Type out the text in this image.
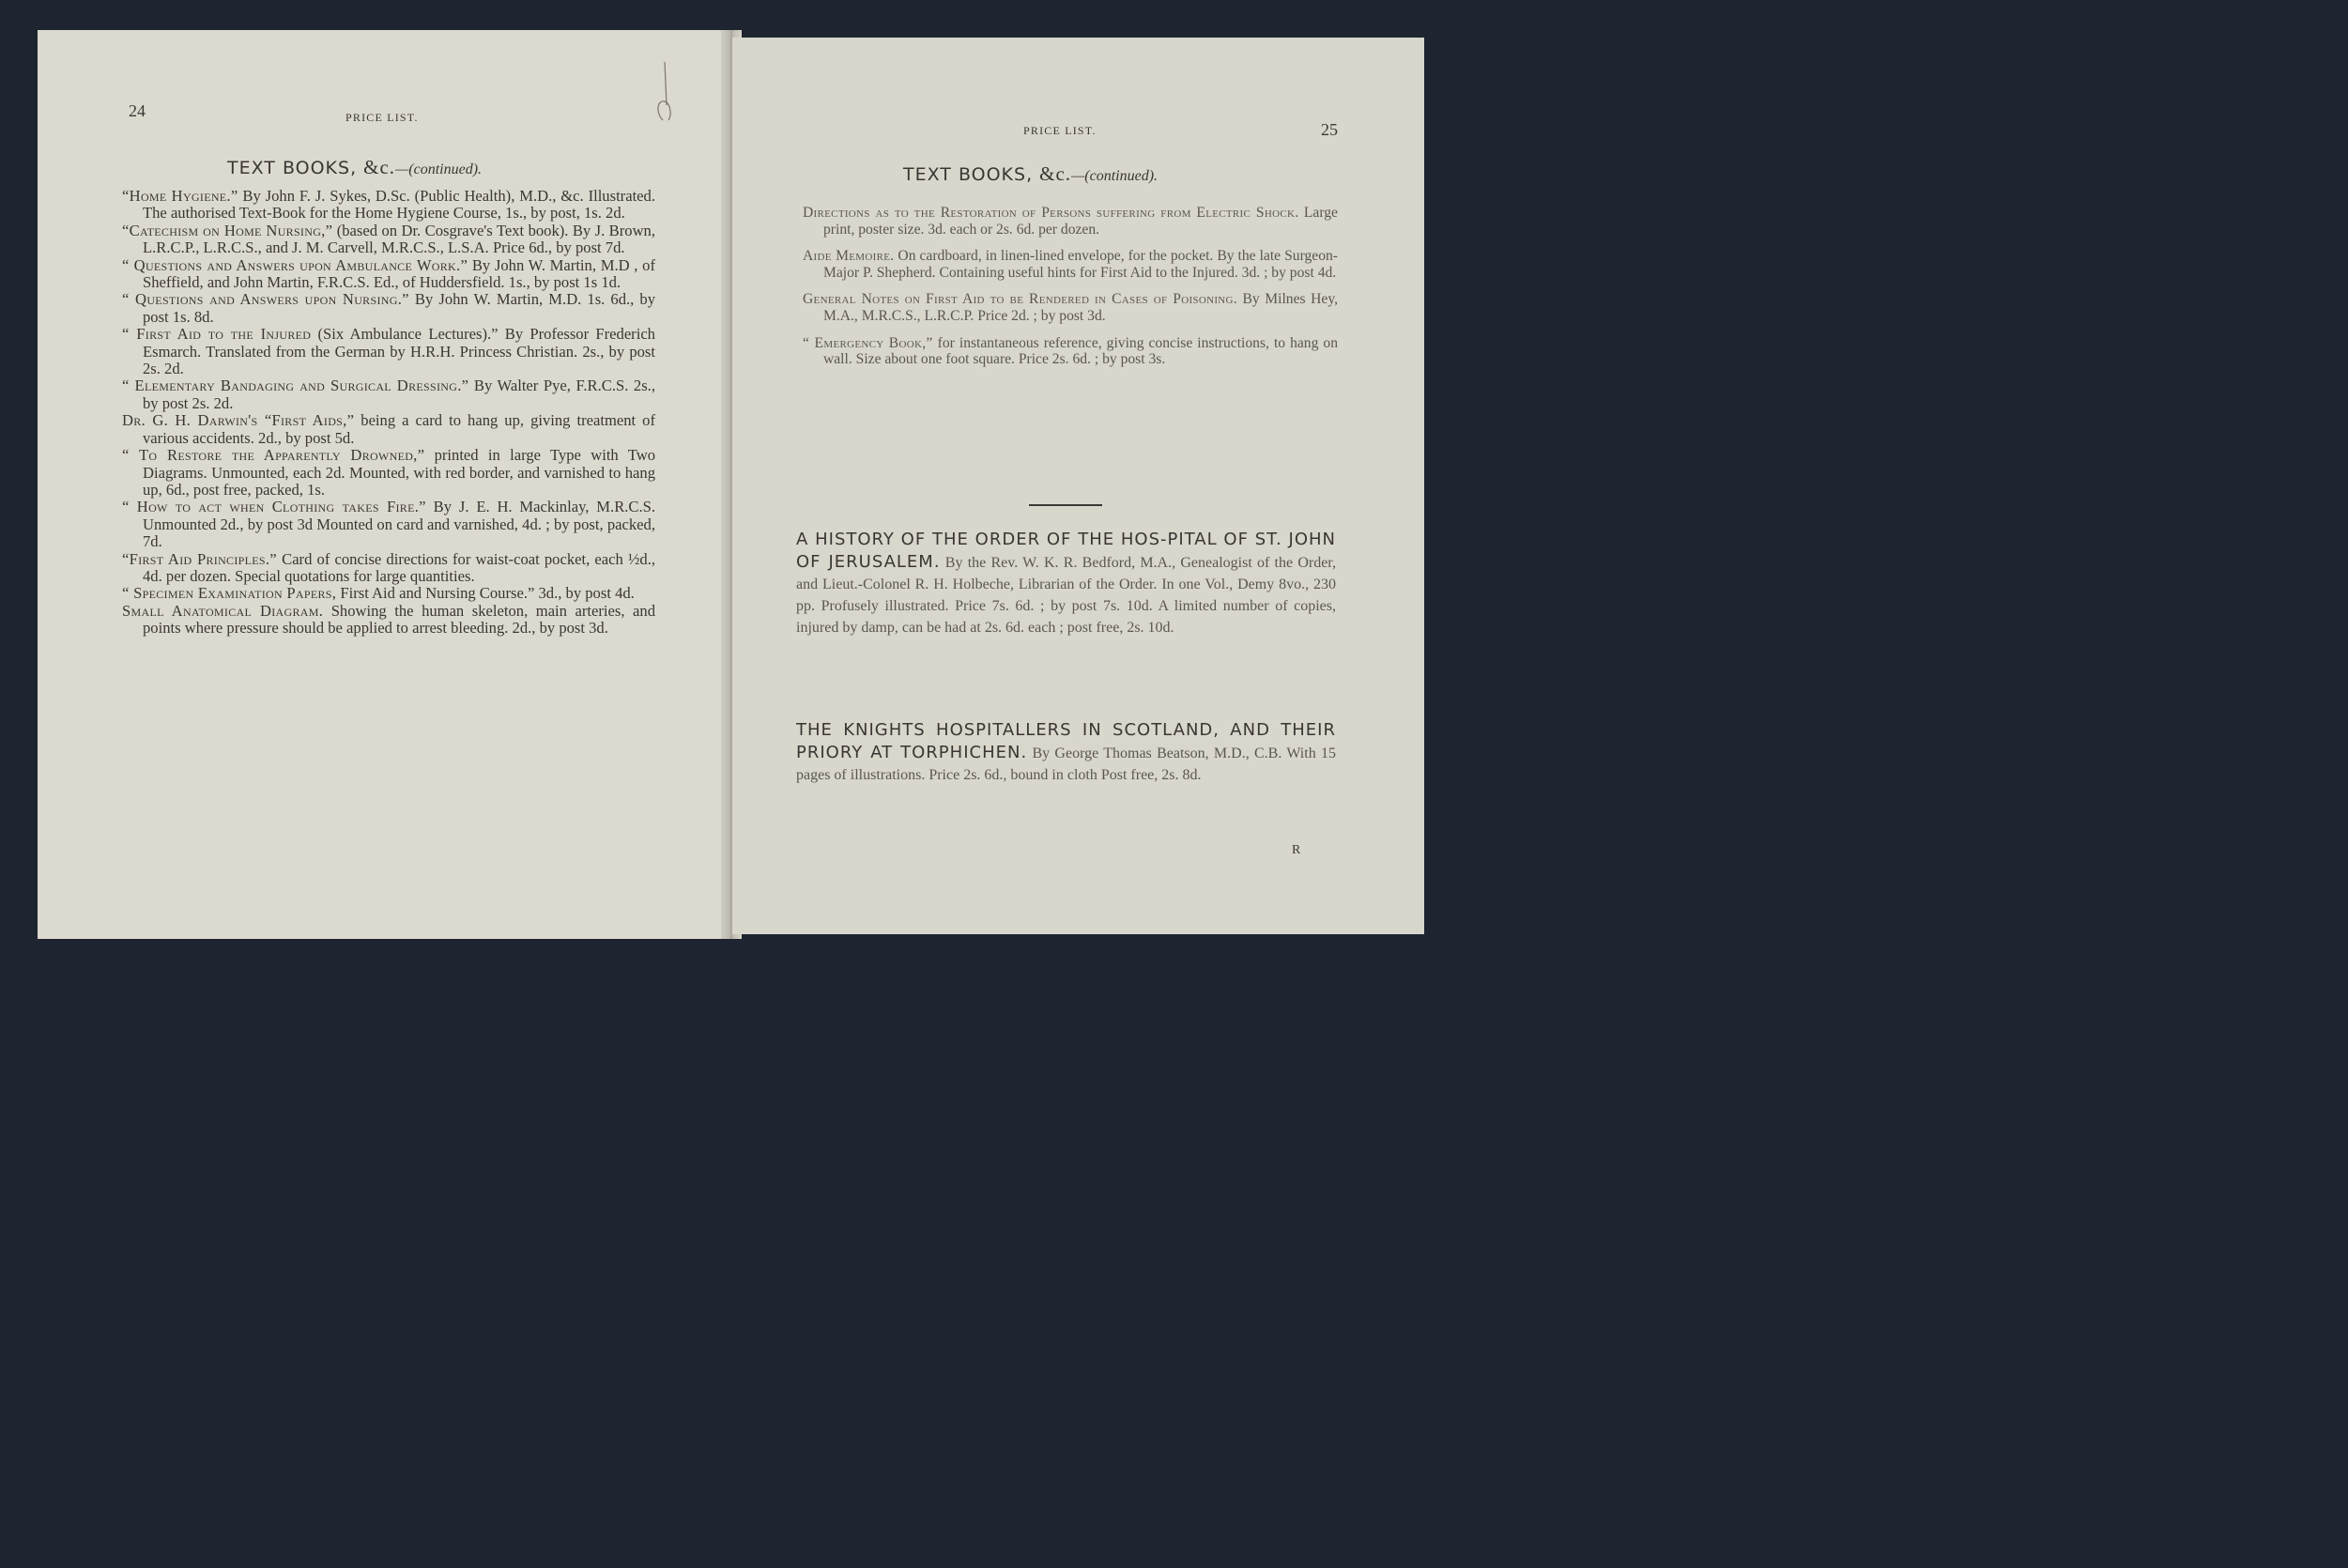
24	PRICE LIST.
TEXT BOOKS, &c.—(continued).
“Home Hygiene.” By John F. J. Sykes, D.Sc. (Public Health), M.D., &c. Illustrated. The authorised Text-Book for the Home Hygiene Course, 1s., by post, 1s. 2d.
“Catechism on Home Nursing,” (based on Dr. Cosgrave's Text book). By J. Brown, L.R.C.P., L.R.C.S., and J. M. Carvell, M.R.C.S., L.S.A. Price 6d., by post 7d.
“ Questions and Answers upon Ambulance Work.” By John W. Martin, M.D , of Sheffield, and John Martin, F.R.C.S. Ed., of Huddersfield. 1s., by post 1s 1d.
“ Questions and Answers upon Nursing.” By John W. Martin, M.D. 1s. 6d., by post 1s. 8d.
“ First Aid to the Injured (Six Ambulance Lectures).” By Professor Frederich Esmarch. Translated from the German by H.R.H. Princess Christian. 2s., by post 2s. 2d.
“ Elementary Bandaging and Surgical Dressing.” By Walter Pye, F.R.C.S. 2s., by post 2s. 2d.
Dr. G. H. Darwin's “First Aids,” being a card to hang up, giving treatment of various accidents. 2d., by post 5d.
“ To Restore the Apparently Drowned,” printed in large Type with Two Diagrams. Unmounted, each 2d. Mounted, with red border, and varnished to hang up, 6d., post free, packed, 1s.
“ How to act when Clothing takes Fire.” By J. E. H. Mackinlay, M.R.C.S. Unmounted 2d., by post 3d Mounted on card and varnished, 4d. ; by post, packed, 7d.
“First Aid Principles.” Card of concise directions for waist-coat pocket, each ½d., 4d. per dozen. Special quotations for large quantities.
“ Specimen Examination Papers, First Aid and Nursing Course.” 3d., by post 4d.
Small Anatomical Diagram. Showing the human skeleton, main arteries, and points where pressure should be applied to arrest bleeding. 2d., by post 3d.
PRICE LIST.	25
TEXT BOOKS, &c.—(continued).
Directions as to the Restoration of Persons suffering from Electric Shock. Large print, poster size. 3d. each or 2s. 6d. per dozen.
Aide Memoire. On cardboard, in linen-lined envelope, for the pocket. By the late Surgeon-Major P. Shepherd. Containing useful hints for First Aid to the Injured. 3d. ; by post 4d.
General Notes on First Aid to be Rendered in Cases of Poisoning. By Milnes Hey, M.A., M.R.C.S., L.R.C.P. Price 2d. ; by post 3d.
“ Emergency Book,” for instantaneous reference, giving concise instructions, to hang on wall. Size about one foot square. Price 2s. 6d. ; by post 3s.
A HISTORY OF THE ORDER OF THE HOS-PITAL OF ST. JOHN OF JERUSALEM. By the Rev. W. K. R. Bedford, M.A., Genealogist of the Order, and Lieut.-Colonel R. H. Holbeche, Librarian of the Order. In one Vol., Demy 8vo., 230 pp. Profusely illustrated. Price 7s. 6d. ; by post 7s. 10d. A limited number of copies, injured by damp, can be had at 2s. 6d. each ; post free, 2s. 10d.
THE KNIGHTS HOSPITALLERS IN SCOTLAND, AND THEIR PRIORY AT TORPHICHEN. By George Thomas Beatson, M.D., C.B. With 15 pages of illustrations. Price 2s. 6d., bound in cloth Post free, 2s. 8d.
R
